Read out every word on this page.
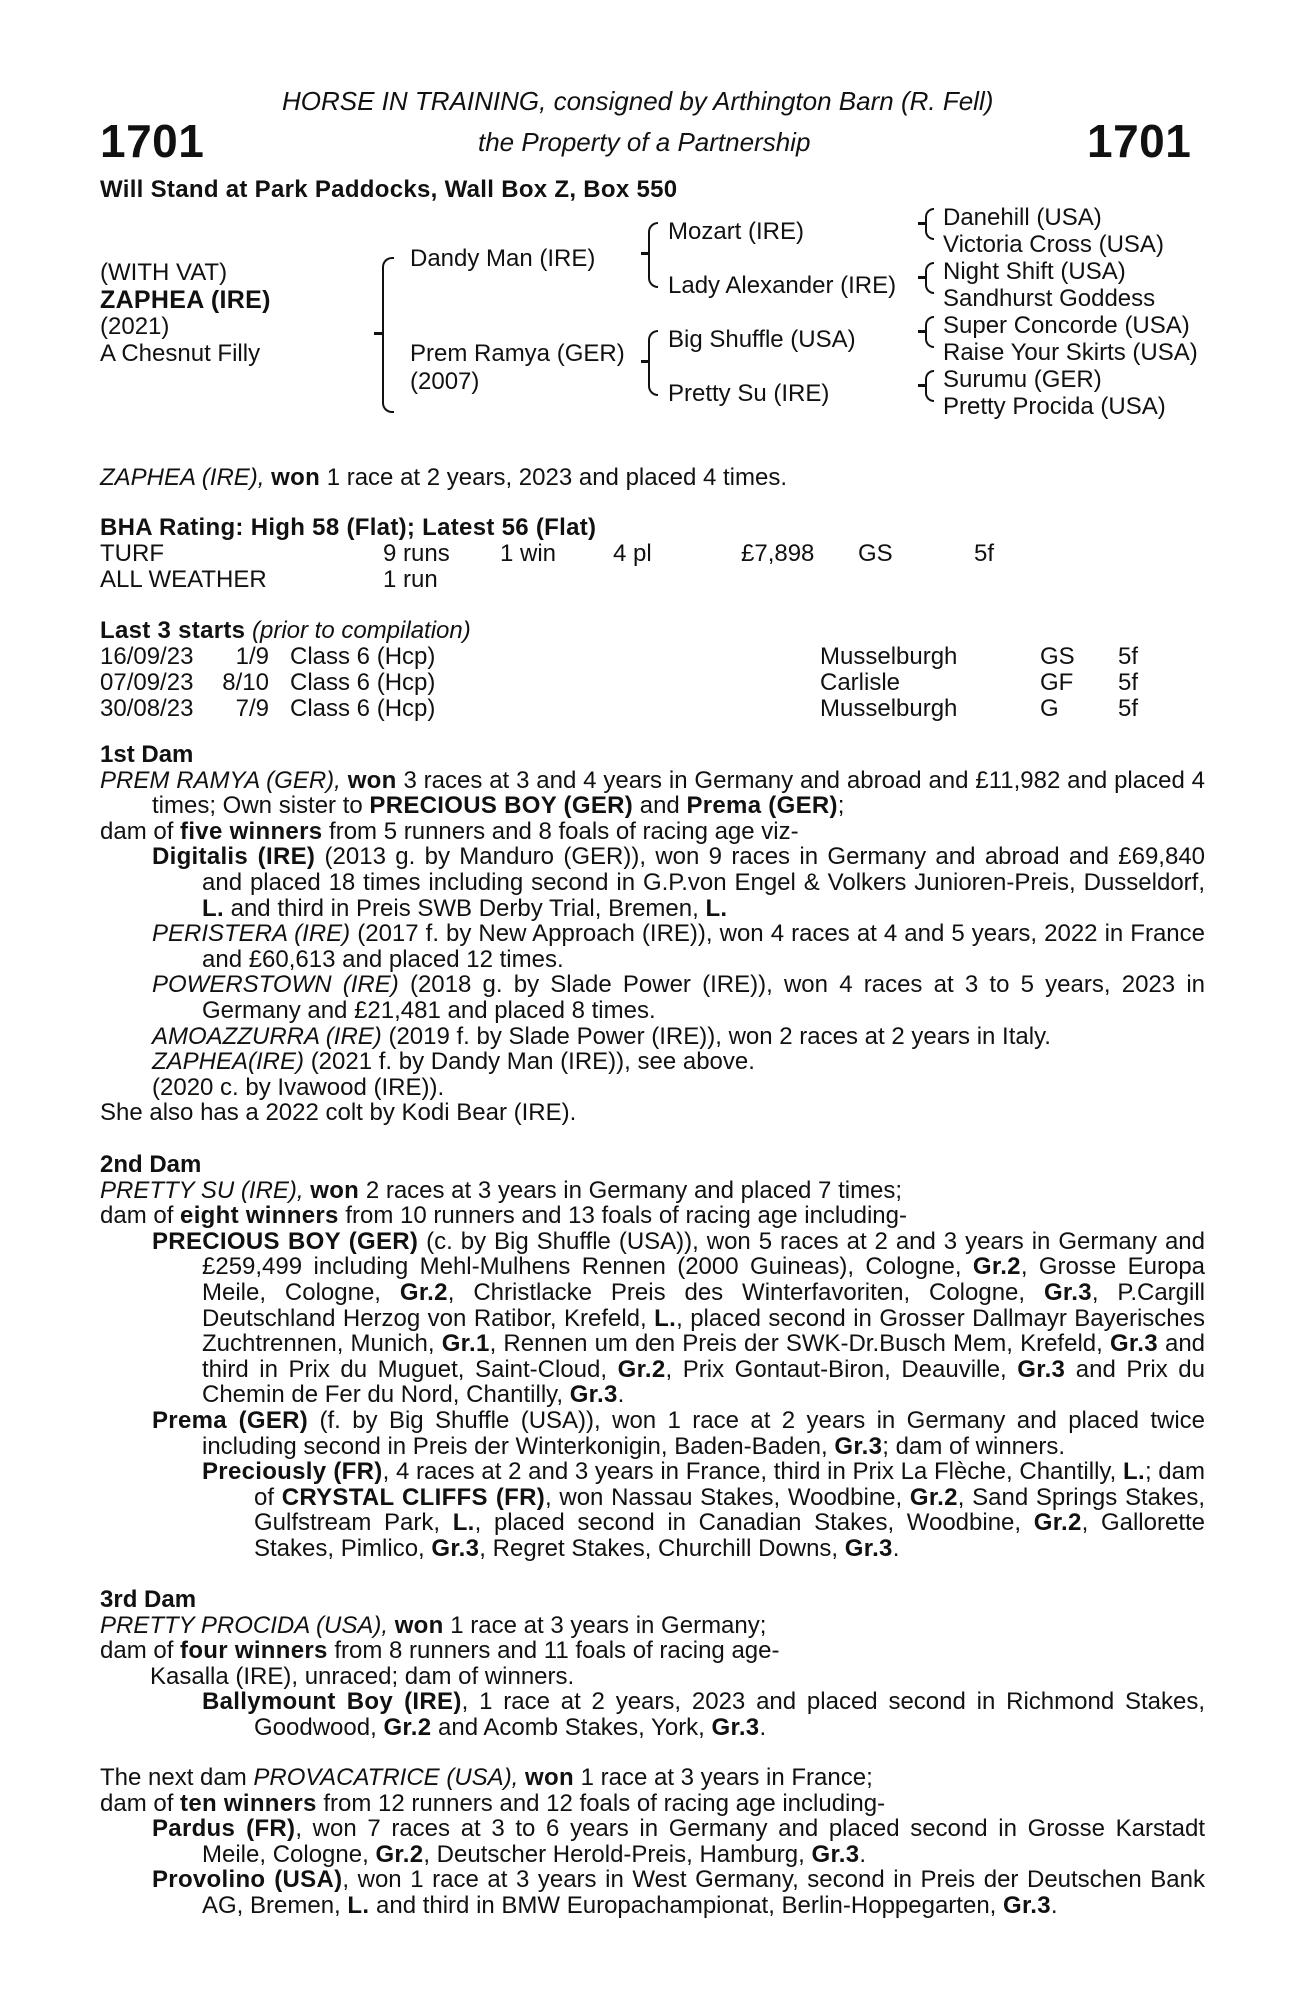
HORSE IN TRAINING, consigned by Arthington Barn (R. Fell)
1701	the Property of a Partnership	1701
Will Stand at Park Paddocks, Wall Box Z, Box 550
(WITH VAT)
ZAPHEA (IRE)
(2021)
A Chesnut Filly
Dandy Man (IRE)
Prem Ramya (GER)
(2007)
Mozart (IRE)
Lady Alexander (IRE)
Big Shuffle (USA)
Pretty Su (IRE)
Danehill (USA)
Victoria Cross (USA)
Night Shift (USA)
Sandhurst Goddess
Super Concorde (USA)
Raise Your Skirts (USA)
Surumu (GER)
Pretty Procida (USA)
ZAPHEA (IRE), won 1 race at 2 years, 2023 and placed 4 times.
BHA Rating: High 58 (Flat); Latest 56 (Flat)
TURF	9 runs 1 win 4 pl	£7,898 GS	5f
ALL WEATHER	1 run
Last 3 starts (prior to compilation)
16/09/23 1/9 Class 6 (Hcp)	Musselburgh	GS 5f
07/09/23 8/10 Class 6 (Hcp)	Carlisle	GF 5f
30/08/23 7/9 Class 6 (Hcp)	Musselburgh	G 5f

1st Dam

PREM RAMYA (GER), won 3 races at 3 and 4 years in Germany and abroad and £11,982 and placed 4 times; Own sister to PRECIOUS BOY (GER) and Prema (GER);

dam of five winners from 5 runners and 8 foals of racing age viz-

Digitalis (IRE) (2013 g. by Manduro (GER)), won 9 races in Germany and abroad and £69,840 and placed 18 times including second in G.P.von Engel & Volkers Junioren-Preis, Dusseldorf, L. and third in Preis SWB Derby Trial, Bremen, L.

PERISTERA (IRE) (2017 f. by New Approach (IRE)), won 4 races at 4 and 5 years, 2022 in France and £60,613 and placed 12 times.

POWERSTOWN (IRE) (2018 g. by Slade Power (IRE)), won 4 races at 3 to 5 years, 2023 in Germany and £21,481 and placed 8 times.

AMOAZZURRA (IRE) (2019 f. by Slade Power (IRE)), won 2 races at 2 years in Italy.

ZAPHEA(IRE) (2021 f. by Dandy Man (IRE)), see above.

(2020 c. by Ivawood (IRE)).

She also has a 2022 colt by Kodi Bear (IRE).

2nd Dam

PRETTY SU (IRE), won 2 races at 3 years in Germany and placed 7 times;

dam of eight winners from 10 runners and 13 foals of racing age including-

PRECIOUS BOY (GER) (c. by Big Shuffle (USA)), won 5 races at 2 and 3 years in Germany and £259,499 including Mehl-Mulhens Rennen (2000 Guineas), Cologne, Gr.2, Grosse Europa Meile, Cologne, Gr.2, Christlacke Preis des Winterfavoriten, Cologne, Gr.3, P.Cargill Deutschland Herzog von Ratibor, Krefeld, L., placed second in Grosser Dallmayr Bayerisches Zuchtrennen, Munich, Gr.1, Rennen um den Preis der SWK-Dr.Busch Mem, Krefeld, Gr.3 and third in Prix du Muguet, Saint-Cloud, Gr.2, Prix Gontaut-Biron, Deauville, Gr.3 and Prix du Chemin de Fer du Nord, Chantilly, Gr.3.

Prema (GER) (f. by Big Shuffle (USA)), won 1 race at 2 years in Germany and placed twice including second in Preis der Winterkonigin, Baden-Baden, Gr.3; dam of winners.

Preciously (FR), 4 races at 2 and 3 years in France, third in Prix La Flèche, Chantilly, L.; dam of CRYSTAL CLIFFS (FR), won Nassau Stakes, Woodbine, Gr.2, Sand Springs Stakes, Gulfstream Park, L., placed second in Canadian Stakes, Woodbine, Gr.2, Gallorette Stakes, Pimlico, Gr.3, Regret Stakes, Churchill Downs, Gr.3.

3rd Dam

PRETTY PROCIDA (USA), won 1 race at 3 years in Germany;

dam of four winners from 8 runners and 11 foals of racing age-

Kasalla (IRE), unraced; dam of winners.

Ballymount Boy (IRE), 1 race at 2 years, 2023 and placed second in Richmond Stakes, Goodwood, Gr.2 and Acomb Stakes, York, Gr.3.

The next dam PROVACATRICE (USA), won 1 race at 3 years in France;

dam of ten winners from 12 runners and 12 foals of racing age including-

Pardus (FR), won 7 races at 3 to 6 years in Germany and placed second in Grosse Karstadt Meile, Cologne, Gr.2, Deutscher Herold-Preis, Hamburg, Gr.3.

Provolino (USA), won 1 race at 3 years in West Germany, second in Preis der Deutschen Bank AG, Bremen, L. and third in BMW Europachampionat, Berlin-Hoppegarten, Gr.3.
